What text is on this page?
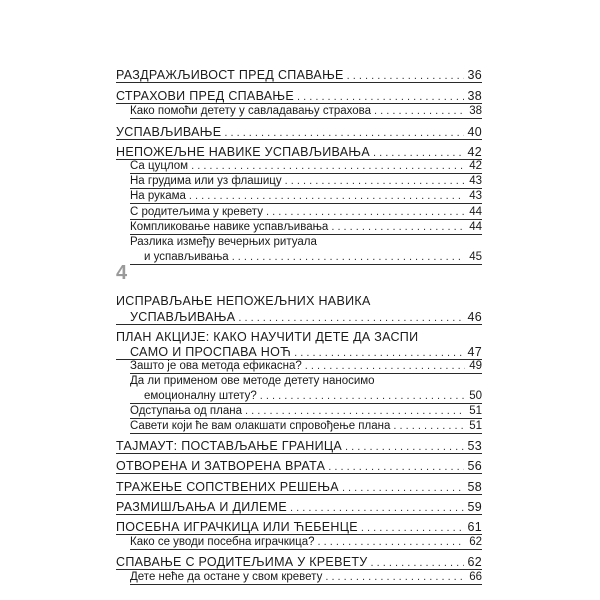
4
РАЗДРАЖЉИВОСТ ПРЕД СПАВАЊЕ . . .	36
СТРАХОВИ ПРЕД СПАВАЊЕ . . .	38
Како помоћи детету у савладавању страхова . . .	38
УСПАВЉИВАЊЕ . . .	40
НЕПОЖЕЉНЕ НАВИКЕ УСПАВЉИВАЊА . . .	42
Са цуцлом . . .	42
На грудима или уз флашицу . . .	43
На рукама . . .	43
С родитељима у кревету . . .	44
Компликовање навике успављивања . . .	44
Разлика између вечерњих ритуала
и успављивања . . .	45
ИСПРАВЉАЊЕ НЕПОЖЕЉНИХ НАВИКА
УСПАВЉИВАЊА . . .	46
ПЛАН АКЦИЈЕ: КАКО НАУЧИТИ ДЕТЕ ДА ЗАСПИ
САМО И ПРОСПАВА НОЋ . . .	47
Зашто је ова метода ефикасна? . . .	49
Да ли применом ове методе детету наносимо
емоционалну штету? . . .	50
Одступања од плана . . .	51
Савети који ће вам олакшати спровођење плана . . .	51
ТАЈМАУТ: ПОСТАВЉАЊЕ ГРАНИЦА . . .	53
ОТВОРЕНА И ЗАТВОРЕНА ВРАТА . . .	56
ТРАЖЕЊЕ СОПСТВЕНИХ РЕШЕЊА . . .	58
РАЗМИШЉАЊА И ДИЛЕМЕ . . .	59
ПОСЕБНА ИГРАЧКИЦА ИЛИ ЋЕБЕНЦЕ . . .	61
Како се уводи посебна играчкица? . . .	62
СПАВАЊЕ С РОДИТЕЉИМА У КРЕВЕТУ . . .	62
Дете неће да остане у свом кревету . . .	66
